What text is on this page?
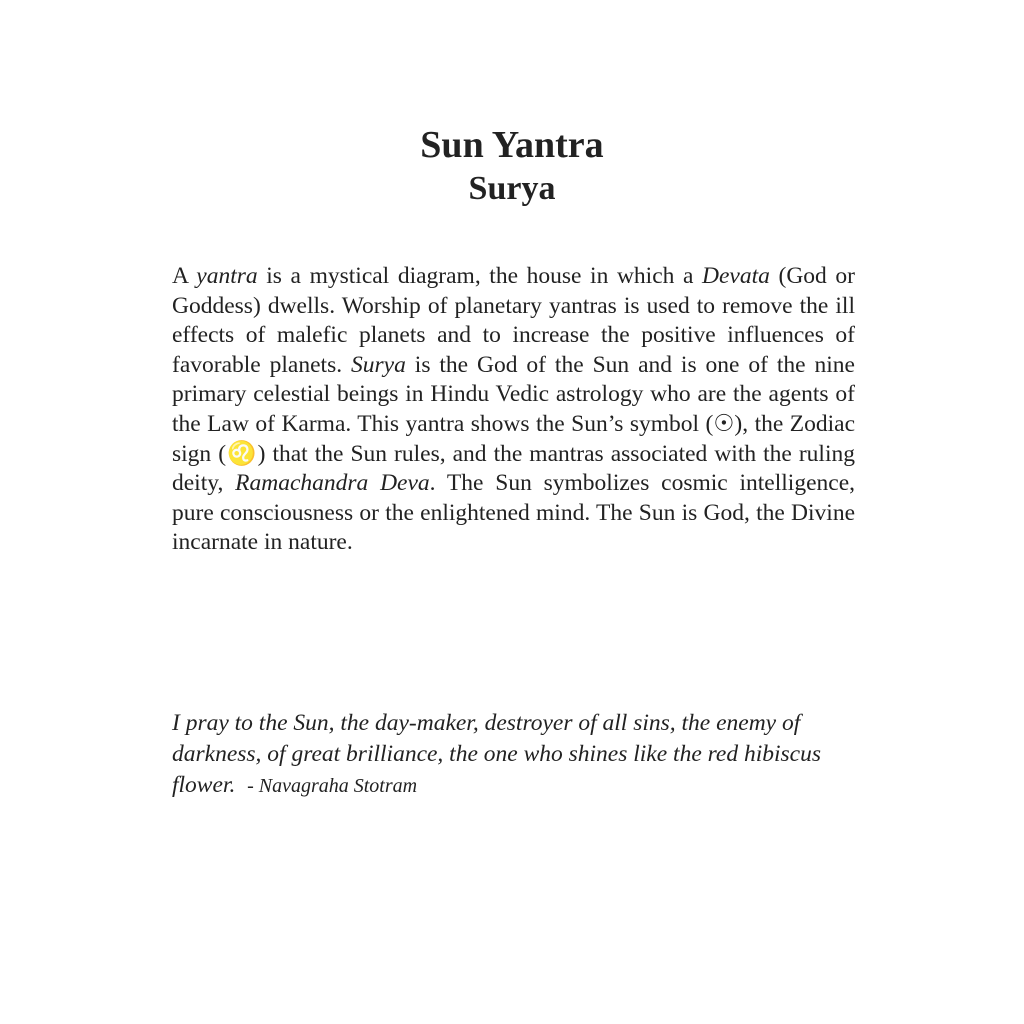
Sun Yantra
Surya

A yantra is a mystical diagram, the house in which a Devata (God or Goddess) dwells. Worship of planetary yantras is used to remove the ill effects of malefic planets and to increase the positive influences of favorable planets. Surya is the God of the Sun and is one of the nine primary celestial beings in Hindu Vedic astrology who are the agents of the Law of Karma. This yantra shows the Sun’s symbol (☉), the Zodiac sign (♌) that the Sun rules, and the mantras associated with the ruling deity, Ramachandra Deva. The Sun symbolizes cosmic intelligence, pure consciousness or the enlightened mind. The Sun is God, the Divine incarnate in nature.

I pray to the Sun, the day-maker, destroyer of all sins, the enemy of darkness, of great brilliance, the one who shines like the red hibiscus flower. - Navagraha Stotram
